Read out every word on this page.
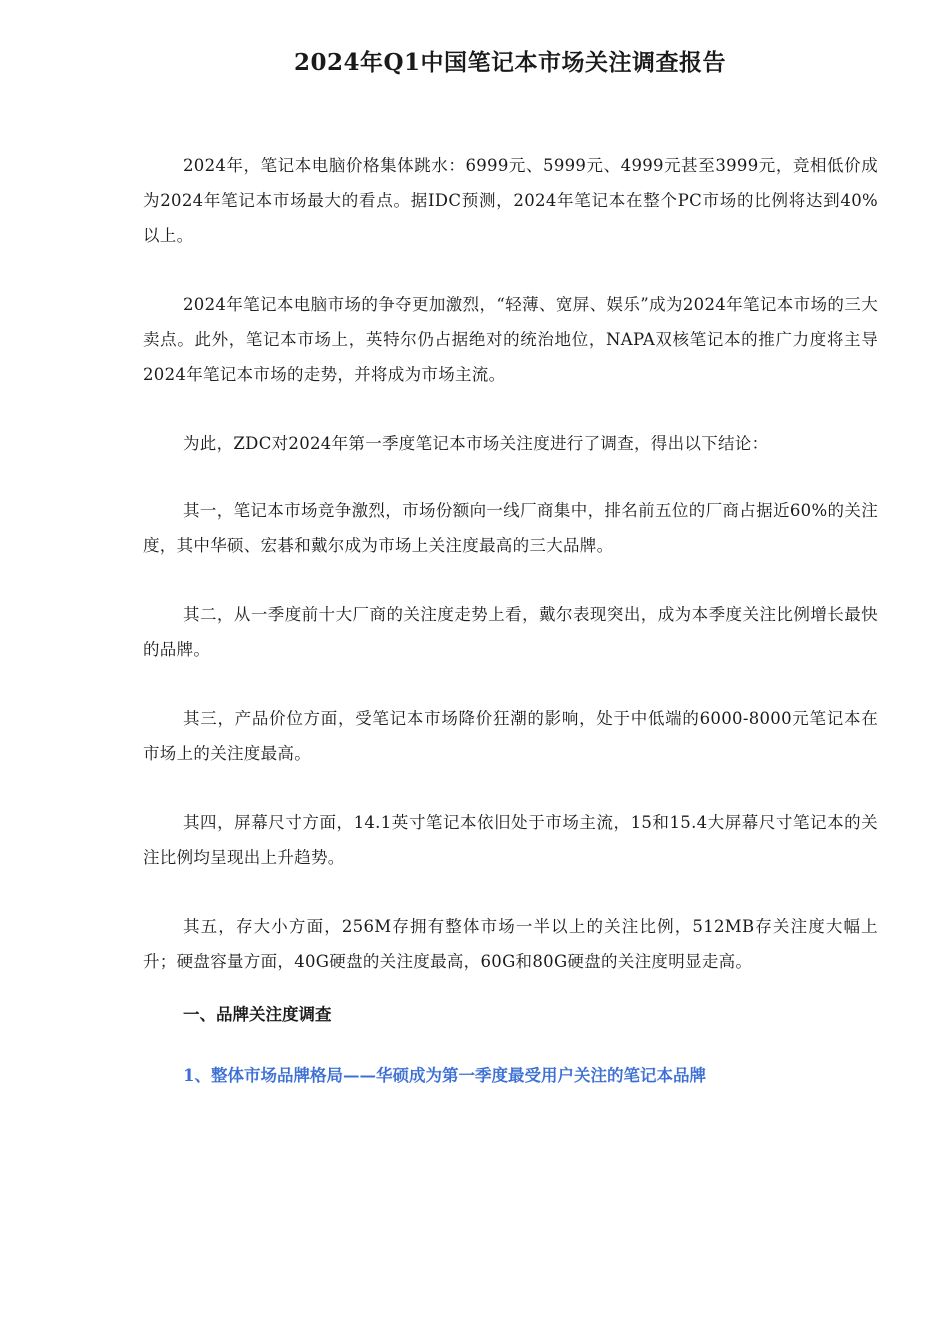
2024年Q1中国笔记本市场关注调查报告

2024年，笔记本电脑价格集体跳水：6999元、5999元、4999元甚至3999元，竞相低价成为2024年笔记本市场最大的看点。据IDC预测，2024年笔记本在整个PC市场的比例将达到40%以上。

2024年笔记本电脑市场的争夺更加激烈，“轻薄、宽屏、娱乐”成为2024年笔记本市场的三大卖点。此外，笔记本市场上，英特尔仍占据绝对的统治地位，NAPA双核笔记本的推广力度将主导2024年笔记本市场的走势，并将成为市场主流。

为此，ZDC对2024年第一季度笔记本市场关注度进行了调查，得出以下结论：

其一，笔记本市场竞争激烈，市场份额向一线厂商集中，排名前五位的厂商占据近60%的关注度，其中华硕、宏碁和戴尔成为市场上关注度最高的三大品牌。

其二，从一季度前十大厂商的关注度走势上看，戴尔表现突出，成为本季度关注比例增长最快的品牌。

其三，产品价位方面，受笔记本市场降价狂潮的影响，处于中低端的6000-8000元笔记本在市场上的关注度最高。

其四，屏幕尺寸方面，14.1英寸笔记本依旧处于市场主流，15和15.4大屏幕尺寸笔记本的关注比例均呈现出上升趋势。

其五，存大小方面，256M存拥有整体市场一半以上的关注比例，512MB存关注度大幅上升；硬盘容量方面，40G硬盘的关注度最高，60G和80G硬盘的关注度明显走高。

一、品牌关注度调查
1、整体市场品牌格局——华硕成为第一季度最受用户关注的笔记本品牌
